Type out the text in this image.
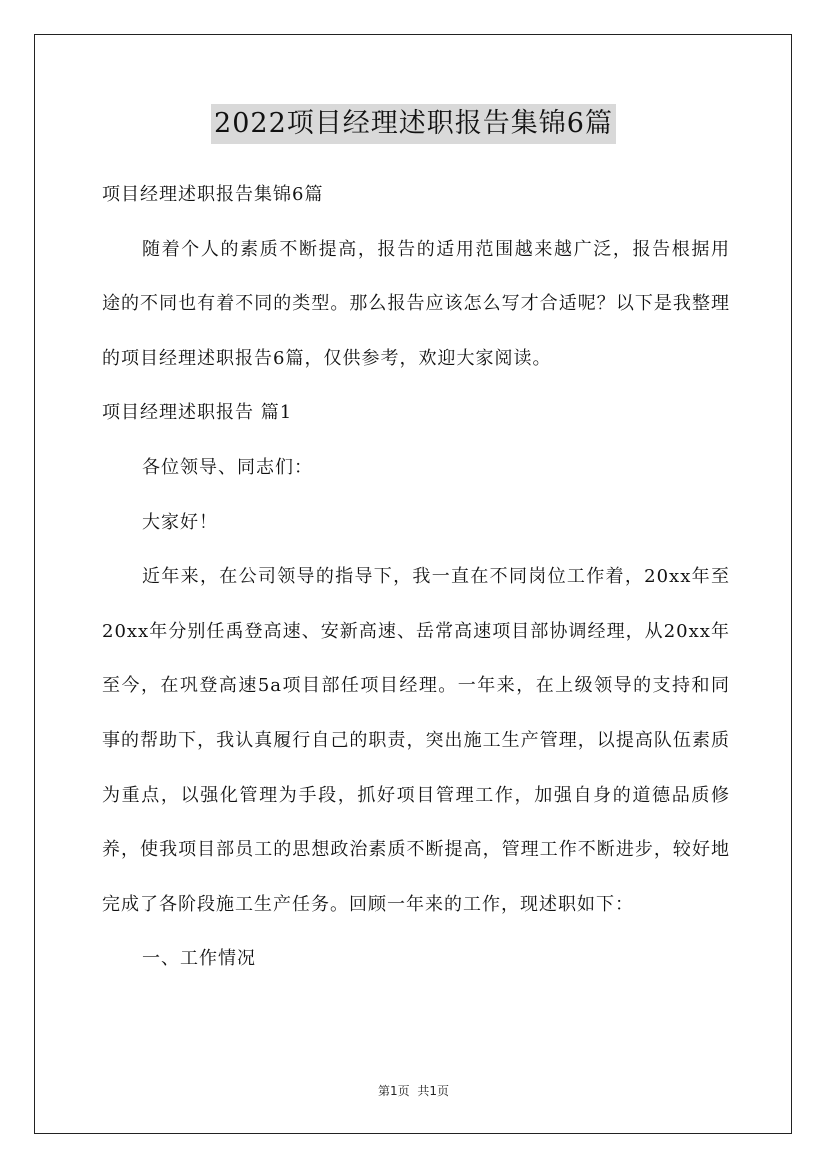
2022项目经理述职报告集锦6篇

项目经理述职报告集锦6篇

随着个人的素质不断提高，报告的适用范围越来越广泛，报告根据用途的不同也有着不同的类型。那么报告应该怎么写才合适呢？以下是我整理的项目经理述职报告6篇，仅供参考，欢迎大家阅读。

项目经理述职报告 篇1

各位领导、同志们：

大家好！

近年来，在公司领导的指导下，我一直在不同岗位工作着，20xx年至20xx年分别任禹登高速、安新高速、岳常高速项目部协调经理，从20xx年至今，在巩登高速5a项目部任项目经理。一年来，在上级领导的支持和同事的帮助下，我认真履行自己的职责，突出施工生产管理，以提高队伍素质为重点，以强化管理为手段，抓好项目管理工作，加强自身的道德品质修养，使我项目部员工的思想政治素质不断提高，管理工作不断进步，较好地完成了各阶段施工生产任务。回顾一年来的工作，现述职如下：

一、工作情况

第1页 共1页
